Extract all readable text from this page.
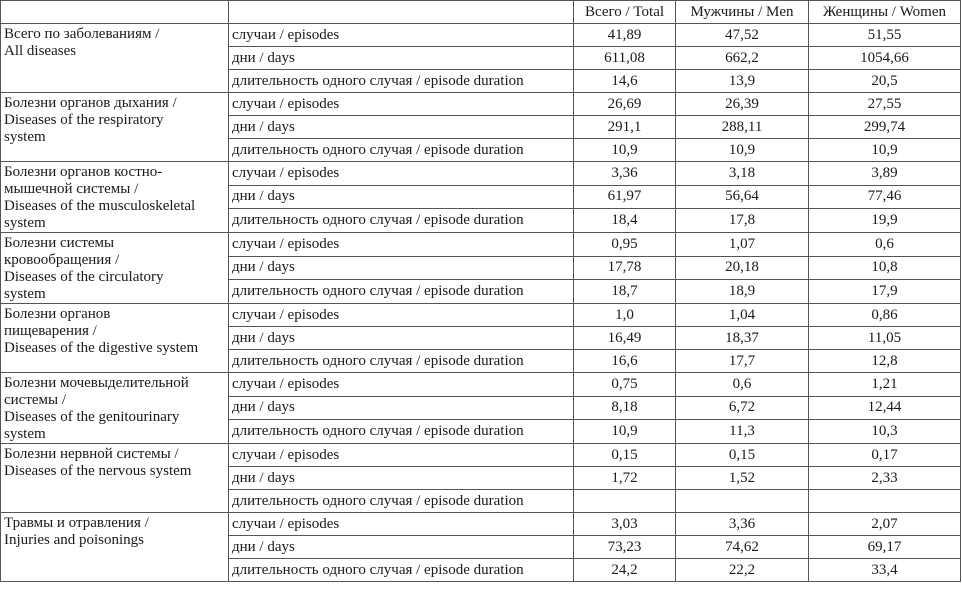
		Всего / Total	Мужчины / Men	Женщины / Women

Всего по заболеваниям /
All diseases	случаи / episodes	41,89	47,52	51,55
	дни / days	611,08	662,2	1054,66
	длительность одного случая / episode duration	14,6	13,9	20,5

Болезни органов дыхания /
Diseases of the respiratory
system	случаи / episodes	26,69	26,39	27,55
	дни / days	291,1	288,11	299,74
	длительность одного случая / episode duration	10,9	10,9	10,9

Болезни органов костно-
мышечной системы /
Diseases of the musculoskeletal
system	случаи / episodes	3,36	3,18	3,89
	дни / days	61,97	56,64	77,46
	длительность одного случая / episode duration	18,4	17,8	19,9

Болезни системы
кровообращения /
Diseases of the circulatory
system	случаи / episodes	0,95	1,07	0,6
	дни / days	17,78	20,18	10,8
	длительность одного случая / episode duration	18,7	18,9	17,9

Болезни органов
пищеварения /
Diseases of the digestive system	случаи / episodes	1,0	1,04	0,86
	дни / days	16,49	18,37	11,05
	длительность одного случая / episode duration	16,6	17,7	12,8

Болезни мочевыделительной
системы /
Diseases of the genitourinary
system	случаи / episodes	0,75	0,6	1,21
	дни / days	8,18	6,72	12,44
	длительность одного случая / episode duration	10,9	11,3	10,3

Болезни нервной системы /
Diseases of the nervous system	случаи / episodes	0,15	0,15	0,17
	дни / days	1,72	1,52	2,33
	длительность одного случая / episode duration			

Травмы и отравления /
Injuries and poisonings	случаи / episodes	3,03	3,36	2,07
	дни / days	73,23	74,62	69,17
	длительность одного случая / episode duration	24,2	22,2	33,4
